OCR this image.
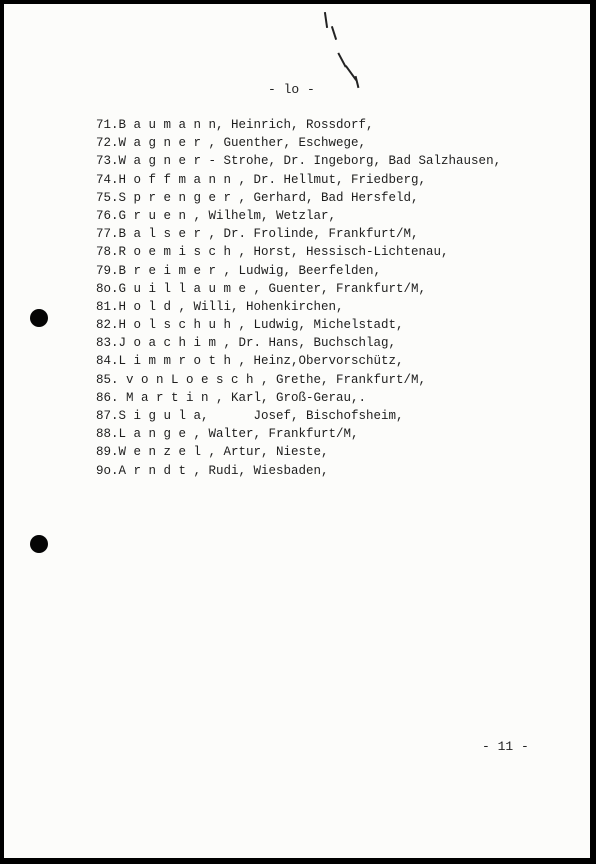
- lo -
71.B a u m a n n, Heinrich, Rossdorf,
72.W a g n e r , Guenther, Eschwege,
73.W a g n e r - Strohe, Dr. Ingeborg, Bad Salzhausen,
74.H o f f m a n n , Dr. Hellmut, Friedberg,
75.S p r e n g e r , Gerhard, Bad Hersfeld,
76.G r u e n , Wilhelm, Wetzlar,
77.B a l s e r , Dr. Frolinde, Frankfurt/M,
78.R o e m i s c h , Horst, Hessisch-Lichtenau,
79.B r e i m e r , Ludwig, Beerfelden,
8o.G u i l l a u m e , Guenter, Frankfurt/M,
81.H o l d , Willi, Hohenkirchen,
82.H o l s c h u h , Ludwig, Michelstadt,
83.J o a c h i m , Dr. Hans, Buchschlag,
84.L i m m r o t h , Heinz,Obervorschütz,
85. v o n L o e s c h , Grethe, Frankfurt/M,
86. M a r t i n , Karl, Groß-Gerau,.
87.S i g u l a,      Josef, Bischofsheim,
88.L a n g e , Walter, Frankfurt/M,
89.W e n z e l , Artur, Nieste,
9o.A r n d t , Rudi, Wiesbaden,
- 11 -
